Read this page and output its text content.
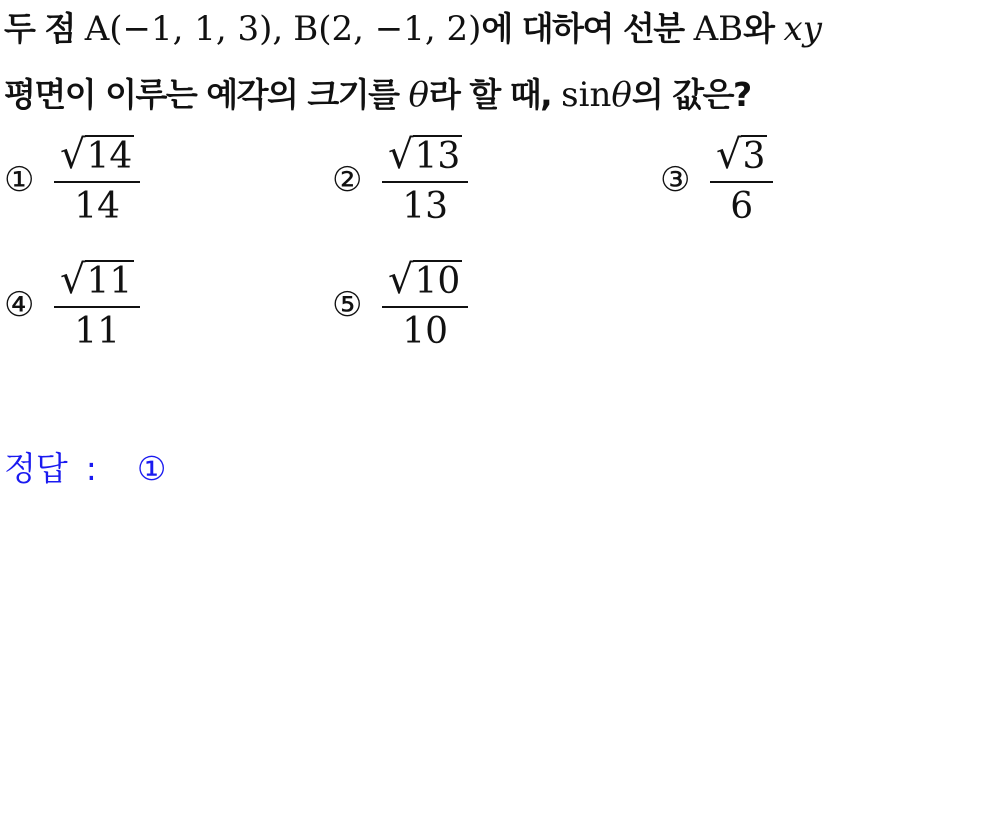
두 점 A(−1, 1, 3), B(2, −1, 2)에 대하여 선분 AB와 xy
평면이 이루는 예각의 크기를 θ라 할 때, sinθ의 값은?
① $\frac{√ 14}{14}$	② $\frac{√ 13}{13}$	③ $\frac{√ 3}{6}$
④ $\frac{√ 11}{11}$	⑤ $\frac{√ 10}{10}$
정답 : ①
